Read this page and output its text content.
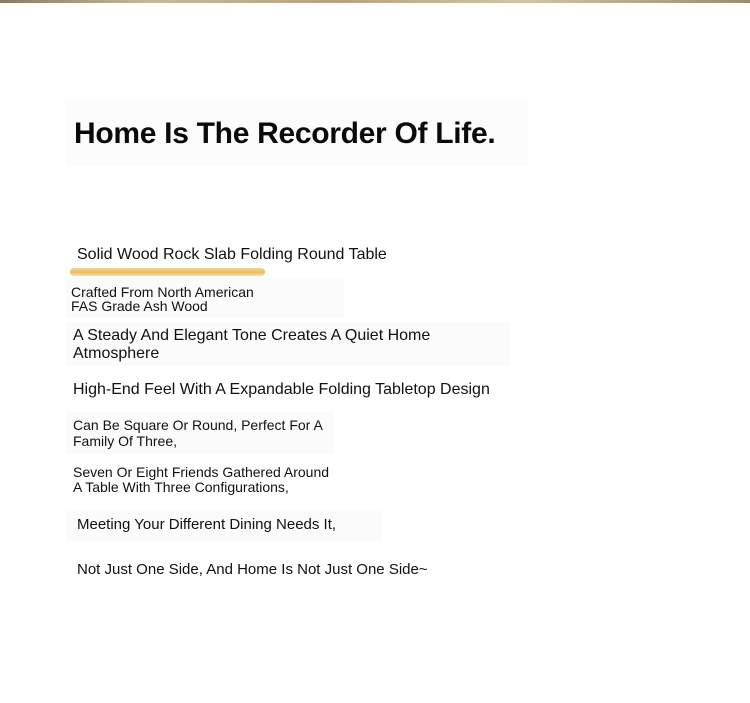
Home Is The Recorder Of Life.
Solid Wood Rock Slab Folding Round Table
Crafted From North American
FAS Grade Ash Wood
A Steady And Elegant Tone Creates A Quiet Home
Atmosphere
High-End Feel With A Expandable Folding Tabletop Design
Can Be Square Or Round, Perfect For A
Family Of Three,
Seven Or Eight Friends Gathered Around
A Table With Three Configurations,
Meeting Your Different Dining Needs It,
Not Just One Side, And Home Is Not Just One Side~
